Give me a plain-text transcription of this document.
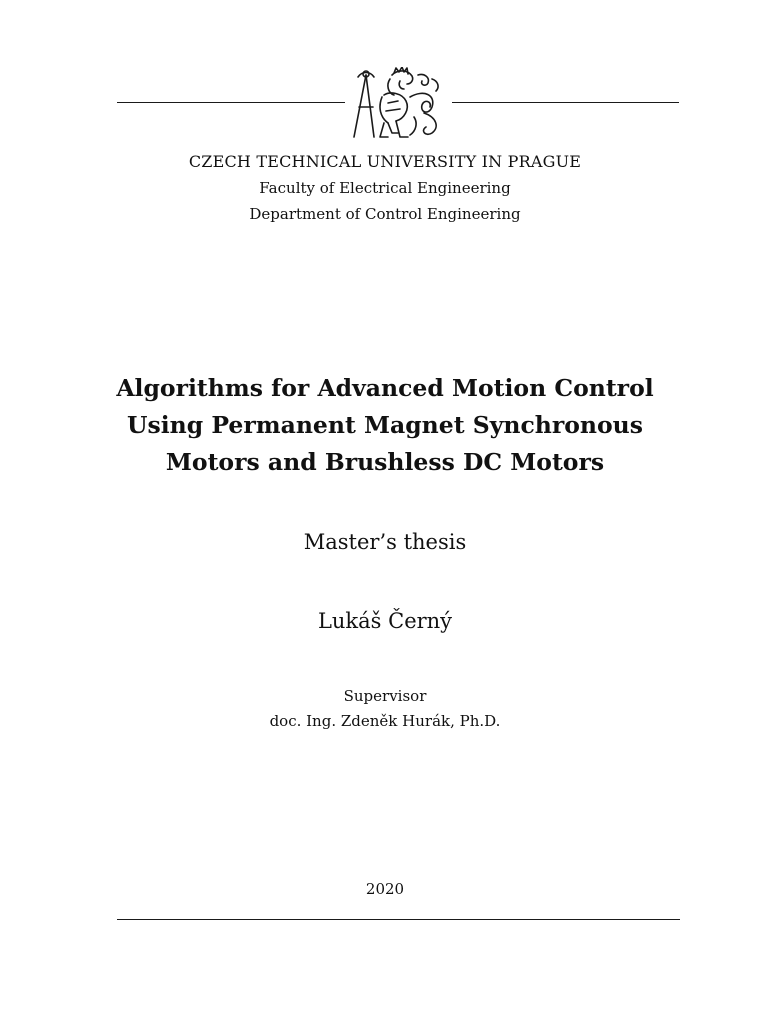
CZECH TECHNICAL UNIVERSITY IN PRAGUE
Faculty of Electrical Engineering
Department of Control Engineering
Algorithms for Advanced Motion Control
Using Permanent Magnet Synchronous
Motors and Brushless DC Motors
Master’s thesis
Lukáš Černý
Supervisor
doc. Ing. Zdeněk Hurák, Ph.D.
2020
